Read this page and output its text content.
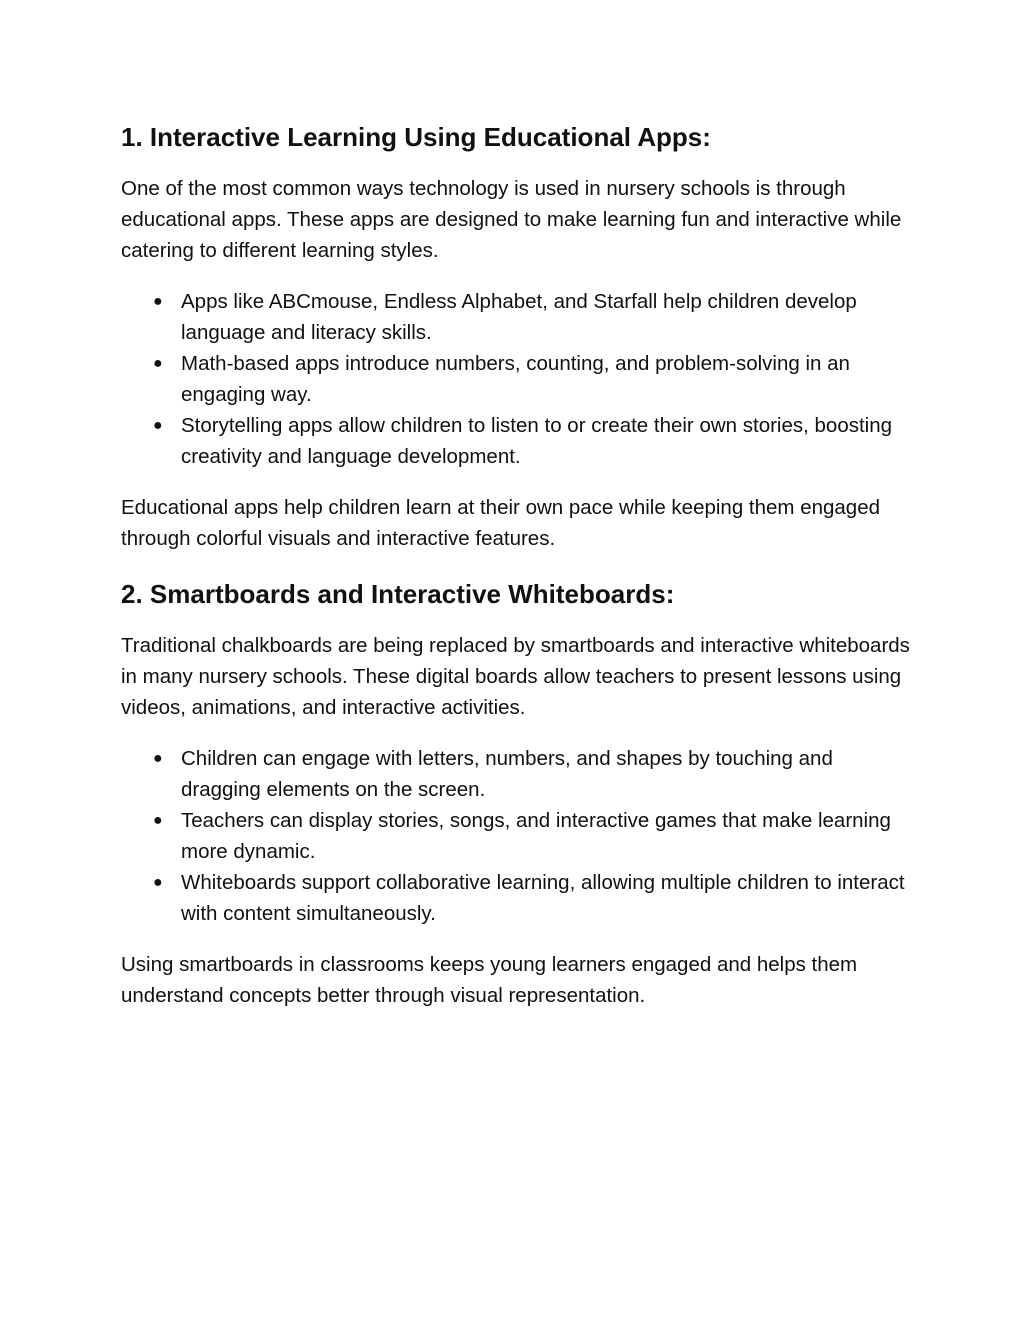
1. Interactive Learning Using Educational Apps:

One of the most common ways technology is used in nursery schools is through educational apps. These apps are designed to make learning fun and interactive while catering to different learning styles.

● Apps like ABCmouse, Endless Alphabet, and Starfall help children develop language and literacy skills.
● Math-based apps introduce numbers, counting, and problem-solving in an engaging way.
● Storytelling apps allow children to listen to or create their own stories, boosting creativity and language development.

Educational apps help children learn at their own pace while keeping them engaged through colorful visuals and interactive features.

2. Smartboards and Interactive Whiteboards:

Traditional chalkboards are being replaced by smartboards and interactive whiteboards in many nursery schools. These digital boards allow teachers to present lessons using videos, animations, and interactive activities.

● Children can engage with letters, numbers, and shapes by touching and dragging elements on the screen.
● Teachers can display stories, songs, and interactive games that make learning more dynamic.
● Whiteboards support collaborative learning, allowing multiple children to interact with content simultaneously.

Using smartboards in classrooms keeps young learners engaged and helps them understand concepts better through visual representation.
